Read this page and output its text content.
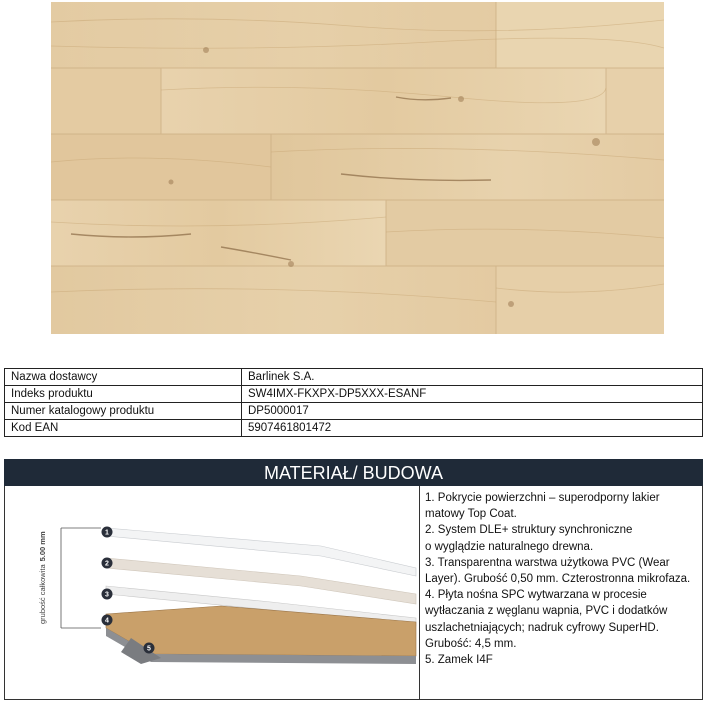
Nazwa dostawcy	Barlinek S.A.
Indeks produktu	SW4IMX-FKXPX-DP5XXX-ESANF
Numer katalogowy produktu	DP5000017
Kod EAN	5907461801472
MATERIAŁ/ BUDOWA
grubość całkowita5.00 mm	1
2
3
4
5

1. Pokrycie powierzchni – superodporny lakier matowy Top Coat.

2. System DLE+ struktury synchroniczne

o wyglądzie naturalnego drewna.

3. Transparentna warstwa użytkowa PVC (Wear Layer). Grubość 0,50 mm. Czterostronna mikrofaza.

4. Płyta nośna SPC wytwarzana w procesie wytłaczania z węglanu wapnia, PVC i dodatków uszlachetniających; nadruk cyfrowy SuperHD. Grubość: 4,5 mm.

5. Zamek I4F
